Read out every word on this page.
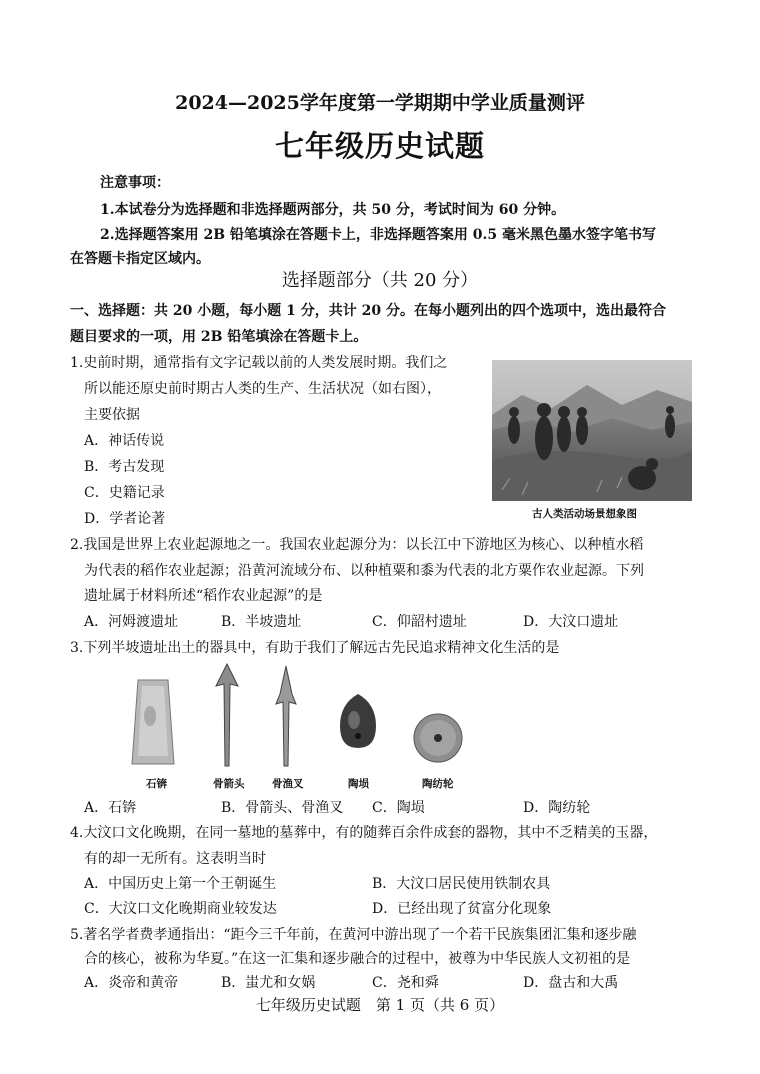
2024—2025学年度第一学期期中学业质量测评
七年级历史试题
注意事项：
1.本试卷分为选择题和非选择题两部分，共 50 分，考试时间为 60 分钟。
2.选择题答案用 2B 铅笔填涂在答题卡上，非选择题答案用 0.5 毫米黑色墨水签字笔书写
在答题卡指定区域内。
选择题部分（共 20 分）
一、选择题：共 20 小题，每小题 1 分，共计 20 分。在每小题列出的四个选项中，选出最符合
题目要求的一项，用 2B 铅笔填涂在答题卡上。
1.史前时期，通常指有文字记载以前的人类发展时期。我们之
所以能还原史前时期古人类的生产、生活状况（如右图），
主要依据
A．神话传说
B．考古发现
C．史籍记录
D．学者论著	古人类活动场景想象图
2.我国是世界上农业起源地之一。我国农业起源分为：以长江中下游地区为核心、以种植水稻
为代表的稻作农业起源；沿黄河流域分布、以种植粟和黍为代表的北方粟作农业起源。下列
遗址属于材料所述“稻作农业起源”的是
A．河姆渡遗址	B．半坡遗址	C．仰韶村遗址	D．大汶口遗址
3.下列半坡遗址出土的器具中，有助于我们了解远古先民追求精神文化生活的是
石锛	骨箭头	骨渔叉	陶埙	陶纺轮
A．石锛	B．骨箭头、骨渔叉 C．陶埙	D．陶纺轮
4.大汶口文化晚期，在同一墓地的墓葬中，有的随葬百余件成套的器物，其中不乏精美的玉器，
有的却一无所有。这表明当时
A．中国历史上第一个王朝诞生	B．大汶口居民使用铁制农具
C．大汶口文化晚期商业较发达	D．已经出现了贫富分化现象
5.著名学者费孝通指出：“距今三千年前，在黄河中游出现了一个若干民族集团汇集和逐步融
合的核心，被称为华夏。”在这一汇集和逐步融合的过程中，被尊为中华民族人文初祖的是
A．炎帝和黄帝	B．蚩尤和女娲	C．尧和舜	D．盘古和大禹
七年级历史试题　第 1 页（共 6 页）
